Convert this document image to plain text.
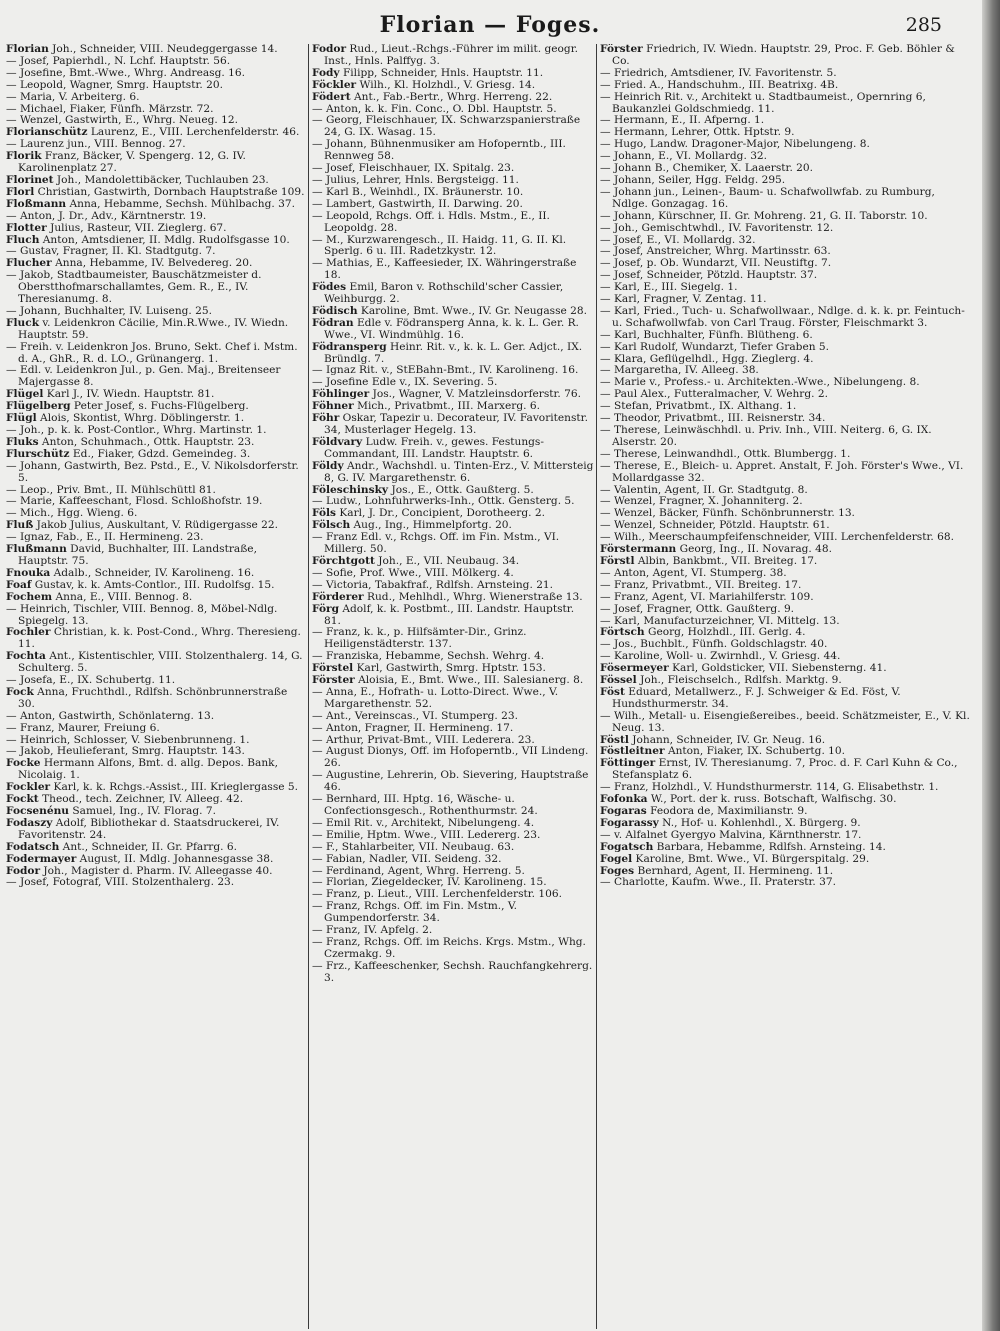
Florian — Foges.	285
Florian Joh., Schneider, VIII. Neudeggergasse 14.
— Josef, Papierhdl., N. Lchf. Hauptstr. 56.
— Josefine, Bmt.-Wwe., Whrg. Andreasg. 16.
— Leopold, Wagner, Smrg. Hauptstr. 20.
— Maria, V. Arbeiterg. 6.
— Michael, Fiaker, Fünfh. Märzstr. 72.
— Wenzel, Gastwirth, E., Whrg. Neueg. 12.
Florianschütz Laurenz, E., VIII. Lerchenfelderstr. 46.
— Laurenz jun., VIII. Bennog. 27.
Florik Franz, Bäcker, V. Spengerg. 12, G. IV. Karolinenplatz 27.
Florinet Joh., Mandolettibäcker, Tuchlauben 23.
Florl Christian, Gastwirth, Dornbach Hauptstraße 109.
Floßmann Anna, Hebamme, Sechsh. Mühlbachg. 37.
— Anton, J. Dr., Adv., Kärntnerstr. 19.
Flotter Julius, Rasteur, VII. Zieglerg. 67.
Fluch Anton, Amtsdiener, II. Mdlg. Rudolfsgasse 10.
— Gustav, Fragner, II. Kl. Stadtgutg. 7.
Flucher Anna, Hebamme, IV. Belvedereg. 20.
— Jakob, Stadtbaumeister, Bauschätzmeister d. Oberstthofmarschallamtes, Gem. R., E., IV. Theresianumg. 8.
— Johann, Buchhalter, IV. Luiseng. 25.
Fluck v. Leidenkron Cäcilie, Min.R.Wwe., IV. Wiedn. Hauptstr. 59.
— Freih. v. Leidenkron Jos. Bruno, Sekt. Chef i. Mstm. d. A., GhR., R. d. LO., Grünangerg. 1.
— Edl. v. Leidenkron Jul., p. Gen. Maj., Breitenseer Majergasse 8.
Flügel Karl J., IV. Wiedn. Hauptstr. 81.
Flügelberg Peter Josef, s. Fuchs-Flügelberg.
Flügl Alois, Skontist, Whrg. Döblingerstr. 1.
— Joh., p. k. k. Post-Contlor., Whrg. Martinstr. 1.
Fluks Anton, Schuhmach., Ottk. Hauptstr. 23.
Flurschütz Ed., Fiaker, Gdzd. Gemeindeg. 3.
— Johann, Gastwirth, Bez. Pstd., E., V. Nikolsdorferstr. 5.
— Leop., Priv. Bmt., II. Mühlschüttl 81.
— Marie, Kaffeeschant, Flosd. Schloßhofstr. 19.
— Mich., Hgg. Wieng. 6.
Fluß Jakob Julius, Auskultant, V. Rüdigergasse 22.
— Ignaz, Fab., E., II. Hermineng. 23.
Flußmann David, Buchhalter, III. Landstraße, Hauptstr. 75.
Fnouka Adalb., Schneider, IV. Karolineng. 16.
Foaf Gustav, k. k. Amts-Contlor., III. Rudolfsg. 15.
Fochem Anna, E., VIII. Bennog. 8.
— Heinrich, Tischler, VIII. Bennog. 8, Möbel-Ndlg. Spiegelg. 13.
Fochler Christian, k. k. Post-Cond., Whrg. Theresieng. 11.
Fochta Ant., Kistentischler, VIII. Stolzenthalerg. 14, G. Schulterg. 5.
— Josefa, E., IX. Schubertg. 11.
Fock Anna, Fruchthdl., Rdlfsh. Schönbrunnerstraße 30.
— Anton, Gastwirth, Schönlaterng. 13.
— Franz, Maurer, Freiung 6.
— Heinrich, Schlosser, V. Siebenbrunneng. 1.
— Jakob, Heulieferant, Smrg. Hauptstr. 143.
Focke Hermann Alfons, Bmt. d. allg. Depos. Bank, Nicolaig. 1.
Fockler Karl, k. k. Rchgs.-Assist., III. Krieglergasse 5.
Fockt Theod., tech. Zeichner, IV. Alleeg. 42.
Focsenénu Samuel, Ing., IV. Florag. 7.
Fodaszy Adolf, Bibliothekar d. Staatsdruckerei, IV. Favoritenstr. 24.
Fodatsch Ant., Schneider, II. Gr. Pfarrg. 6.
Fodermayer August, II. Mdlg. Johannesgasse 38.
Fodor Joh., Magister d. Pharm. IV. Alleegasse 40.
— Josef, Fotograf, VIII. Stolzenthalerg. 23.
Fodor Rud., Lieut.-Rchgs.-Führer im milit. geogr. Inst., Hnls. Palffyg. 3.
Fody Filipp, Schneider, Hnls. Hauptstr. 11.
Föckler Wilh., Kl. Holzhdl., V. Griesg. 14.
Födert Ant., Fab.-Bertr., Whrg. Herreng. 22.
— Anton, k. k. Fin. Conc., O. Dbl. Hauptstr. 5.
— Georg, Fleischhauer, IX. Schwarzspanierstraße 24, G. IX. Wasag. 15.
— Johann, Bühnenmusiker am Hofoperntb., III. Rennweg 58.
— Josef, Fleischhauer, IX. Spitalg. 23.
— Julius, Lehrer, Hnls. Bergsteigg. 11.
— Karl B., Weinhdl., IX. Bräunerstr. 10.
— Lambert, Gastwirth, II. Darwing. 20.
— Leopold, Rchgs. Off. i. Hdls. Mstm., E., II. Leopoldg. 28.
— M., Kurzwarengesch., II. Haidg. 11, G. II. Kl. Sperlg. 6 u. III. Radetzkystr. 12.
— Mathias, E., Kaffeesieder, IX. Währingerstraße 18.
Födes Emil, Baron v. Rothschild'scher Cassier, Weihburgg. 2.
Födisch Karoline, Bmt. Wwe., IV. Gr. Neugasse 28.
Födran Edle v. Födransperg Anna, k. k. L. Ger. R. Wwe., VI. Windmühlg. 16.
Födransperg Heinr. Rit. v., k. k. L. Ger. Adjct., IX. Bründlg. 7.
— Ignaz Rit. v., StEBahn-Bmt., IV. Karolineng. 16.
— Josefine Edle v., IX. Severing. 5.
Föhlinger Jos., Wagner, V. Matzleinsdorferstr. 76.
Föhner Mich., Privatbmt., III. Marxerg. 6.
Föhr Oskar, Tapezir u. Decorateur, IV. Favoritenstr. 34, Musterlager Hegelg. 13.
Földvary Ludw. Freih. v., gewes. Festungs-Commandant, III. Landstr. Hauptstr. 6.
Földy Andr., Wachshdl. u. Tinten-Erz., V. Mittersteig 8, G. IV. Margarethenstr. 6.
Föleschinsky Jos., E., Ottk. Gaußterg. 5.
— Ludw., Lohnfuhrwerks-Inh., Ottk. Gensterg. 5.
Föls Karl, J. Dr., Concipient, Dorotheerg. 2.
Fölsch Aug., Ing., Himmelpfortg. 20.
— Franz Edl. v., Rchgs. Off. im Fin. Mstm., VI. Millerg. 50.
Förchtgott Joh., E., VII. Neubaug. 34.
— Sofie, Prof. Wwe., VIII. Mölkerg. 4.
— Victoria, Tabakfraf., Rdlfsh. Arnsteing. 21.
Förderer Rud., Mehlhdl., Whrg. Wienerstraße 13.
Förg Adolf, k. k. Postbmt., III. Landstr. Hauptstr. 81.
— Franz, k. k., p. Hilfsämter-Dir., Grinz. Heiligenstädterstr. 137.
— Franziska, Hebamme, Sechsh. Wehrg. 4.
Förstel Karl, Gastwirth, Smrg. Hptstr. 153.
Förster Aloisia, E., Bmt. Wwe., III. Salesianerg. 8.
— Anna, E., Hofrath- u. Lotto-Direct. Wwe., V. Margarethenstr. 52.
— Ant., Vereinscas., VI. Stumperg. 23.
— Anton, Fragner, II. Hermineng. 17.
— Arthur, Privat-Bmt., VIII. Lederera. 23.
— August Dionys, Off. im Hofoperntb., VII Lindeng. 26.
— Augustine, Lehrerin, Ob. Sievering, Hauptstraße 46.
— Bernhard, III. Hptg. 16, Wäsche- u. Confectionsgesch., Rothenthurmstr. 24.
— Emil Rit. v., Architekt, Nibelungeng. 4.
— Emilie, Hptm. Wwe., VIII. Ledererg. 23.
— F., Stahlarbeiter, VII. Neubaug. 63.
— Fabian, Nadler, VII. Seideng. 32.
— Ferdinand, Agent, Whrg. Herreng. 5.
— Florian, Ziegeldecker, IV. Karolineng. 15.
— Franz, p. Lieut., VIII. Lerchenfelderstr. 106.
— Franz, Rchgs. Off. im Fin. Mstm., V. Gumpendorferstr. 34.
— Franz, IV. Apfelg. 2.
— Franz, Rchgs. Off. im Reichs. Krgs. Mstm., Whg. Czermakg. 9.
— Frz., Kaffeeschenker, Sechsh. Rauchfangkehrerg. 3.
Förster Friedrich, IV. Wiedn. Hauptstr. 29, Proc. F. Geb. Böhler & Co.
— Friedrich, Amtsdiener, IV. Favoritenstr. 5.
— Fried. A., Handschuhm., III. Beatrixg. 4B.
— Heinrich Rit. v., Architekt u. Stadtbaumeist., Opernring 6, Baukanzlei Goldschmiedg. 11.
— Hermann, E., II. Afperng. 1.
— Hermann, Lehrer, Ottk. Hptstr. 9.
— Hugo, Landw. Dragoner-Major, Nibelungeng. 8.
— Johann, E., VI. Mollardg. 32.
— Johann B., Chemiker, X. Laaerstr. 20.
— Johann, Seiler, Hgg. Feldg. 295.
— Johann jun., Leinen-, Baum- u. Schafwollwfab. zu Rumburg, Ndlge. Gonzagag. 16.
— Johann, Kürschner, II. Gr. Mohreng. 21, G. II. Taborstr. 10.
— Joh., Gemischtwhdl., IV. Favoritenstr. 12.
— Josef, E., VI. Mollardg. 32.
— Josef, Anstreicher, Whrg. Martinsstr. 63.
— Josef, p. Ob. Wundarzt, VII. Neustiftg. 7.
— Josef, Schneider, Pötzld. Hauptstr. 37.
— Karl, E., III. Siegelg. 1.
— Karl, Fragner, V. Zentag. 11.
— Karl, Fried., Tuch- u. Schafwollwaar., Ndlge. d. k. k. pr. Feintuch- u. Schafwollwfab. von Carl Traug. Förster, Fleischmarkt 3.
— Karl, Buchhalter, Fünfh. Blütheng. 6.
— Karl Rudolf, Wundarzt, Tiefer Graben 5.
— Klara, Geflügelhdl., Hgg. Zieglerg. 4.
— Margaretha, IV. Alleeg. 38.
— Marie v., Profess.- u. Architekten.-Wwe., Nibelungeng. 8.
— Paul Alex., Futteralmacher, V. Wehrg. 2.
— Stefan, Privatbmt., IX. Althang. 1.
— Theodor, Privatbmt., III. Reisnerstr. 34.
— Therese, Leinwäschhdl. u. Priv. Inh., VIII. Neiterg. 6, G. IX. Alserstr. 20.
— Therese, Leinwandhdl., Ottk. Blumbergg. 1.
— Therese, E., Bleich- u. Appret. Anstalt, F. Joh. Förster's Wwe., VI. Mollardgasse 32.
— Valentin, Agent, II. Gr. Stadtgutg. 8.
— Wenzel, Fragner, X. Johanniterg. 2.
— Wenzel, Bäcker, Fünfh. Schönbrunnerstr. 13.
— Wenzel, Schneider, Pötzld. Hauptstr. 61.
— Wilh., Meerschaumpfeifenschneider, VIII. Lerchenfelderstr. 68.
Förstermann Georg, Ing., II. Novarag. 48.
Förstl Albin, Bankbmt., VII. Breiteg. 17.
— Anton, Agent, VI. Stumperg. 38.
— Franz, Privatbmt., VII. Breiteg. 17.
— Franz, Agent, VI. Mariahilferstr. 109.
— Josef, Fragner, Ottk. Gaußterg. 9.
— Karl, Manufacturzeichner, VI. Mittelg. 13.
Förtsch Georg, Holzhdl., III. Gerlg. 4.
— Jos., Buchblt., Fünfh. Goldschlagstr. 40.
— Karoline, Woll- u. Zwirnhdl., V. Griesg. 44.
Fösermeyer Karl, Goldsticker, VII. Siebensterng. 41.
Fössel Joh., Fleischselch., Rdlfsh. Marktg. 9.
Föst Eduard, Metallwerz., F. J. Schweiger & Ed. Föst, V. Hundsthurmerstr. 34.
— Wilh., Metall- u. Eisengießereibes., beeid. Schätzmeister, E., V. Kl. Neug. 13.
Föstl Johann, Schneider, IV. Gr. Neug. 16.
Föstleitner Anton, Fiaker, IX. Schubertg. 10.
Föttinger Ernst, IV. Theresianumg. 7, Proc. d. F. Carl Kuhn & Co., Stefansplatz 6.
— Franz, Holzhdl., V. Hundsthurmerstr. 114, G. Elisabethstr. 1.
Fofonka W., Port. der k. russ. Botschaft, Walfischg. 30.
Fogaras Feodora de, Maximilianstr. 9.
Fogarassy N., Hof- u. Kohlenhdl., X. Bürgerg. 9.
— v. Alfalnet Gyergyo Malvina, Kärnthnerstr. 17.
Fogatsch Barbara, Hebamme, Rdlfsh. Arnsteing. 14.
Fogel Karoline, Bmt. Wwe., VI. Bürgerspitalg. 29.
Foges Bernhard, Agent, II. Hermineng. 11.
— Charlotte, Kaufm. Wwe., II. Praterstr. 37.
